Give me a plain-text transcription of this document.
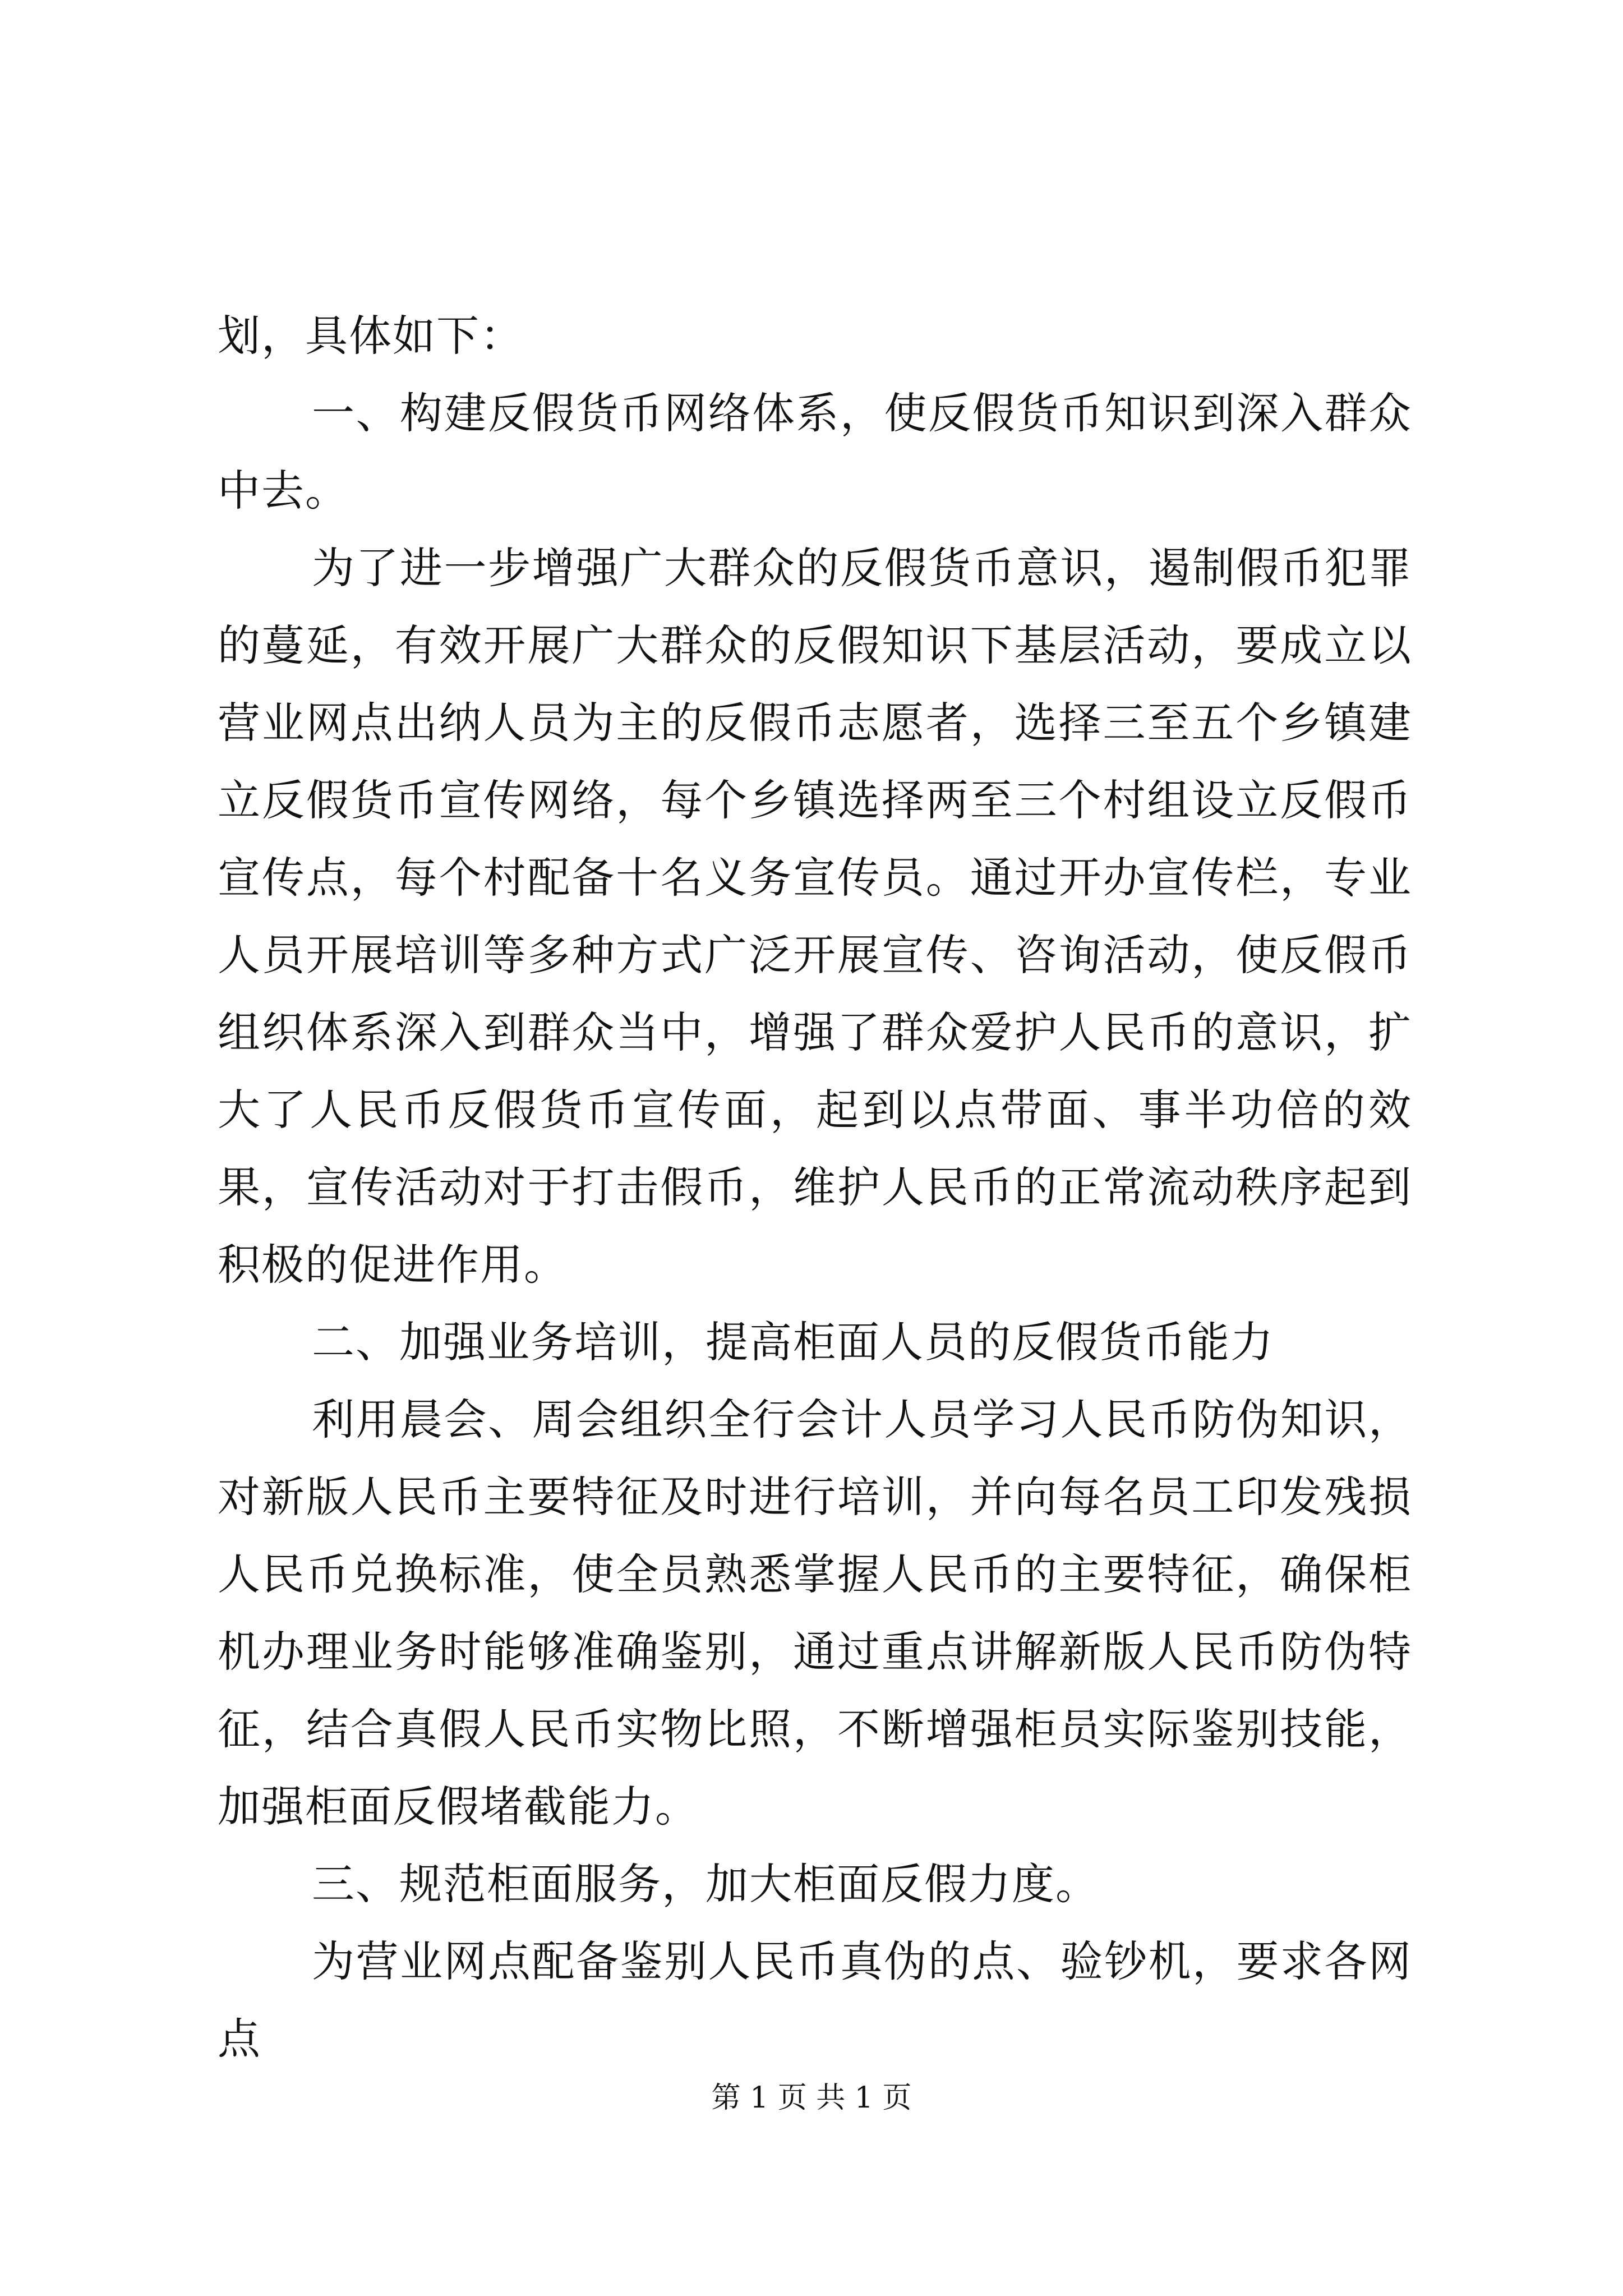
划，具体如下：

一、构建反假货币网络体系，使反假货币知识到深入群众中去。

为了进一步增强广大群众的反假货币意识，遏制假币犯罪的蔓延，有效开展广大群众的反假知识下基层活动，要成立以营业网点出纳人员为主的反假币志愿者，选择三至五个乡镇建立反假货币宣传网络，每个乡镇选择两至三个村组设立反假币宣传点，每个村配备十名义务宣传员。通过开办宣传栏，专业人员开展培训等多种方式广泛开展宣传、咨询活动，使反假币组织体系深入到群众当中，增强了群众爱护人民币的意识，扩大了人民币反假货币宣传面，起到以点带面、事半功倍的效果，宣传活动对于打击假币，维护人民币的正常流动秩序起到积极的促进作用。

二、加强业务培训，提高柜面人员的反假货币能力

利用晨会、周会组织全行会计人员学习人民币防伪知识，对新版人民币主要特征及时进行培训，并向每名员工印发残损人民币兑换标准，使全员熟悉掌握人民币的主要特征，确保柜机办理业务时能够准确鉴别，通过重点讲解新版人民币防伪特征，结合真假人民币实物比照，不断增强柜员实际鉴别技能，加强柜面反假堵截能力。

三、规范柜面服务，加大柜面反假力度。

为营业网点配备鉴别人民币真伪的点、验钞机，要求各网点

第 1 页 共 1 页
